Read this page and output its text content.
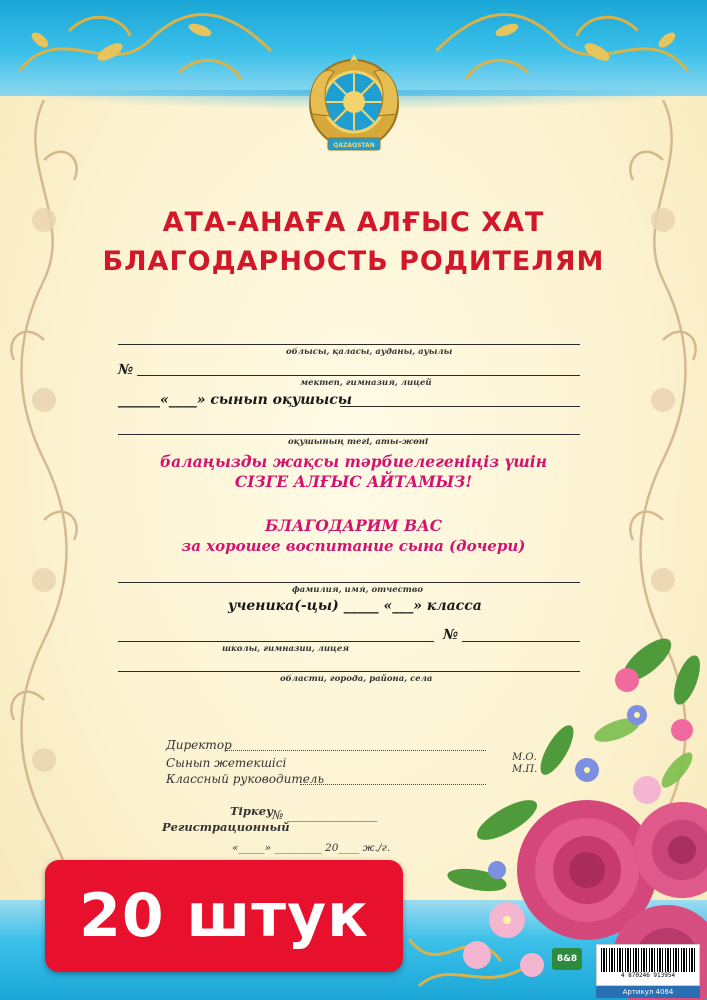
QAZAQSTAN
АТА-АНАҒА АЛҒЫС ХАТ
БЛАГОДАРНОСТЬ РОДИТЕЛЯМ
облысы, қаласы, ауданы, ауылы
№
мектеп, гимназия, лицей
______«____» сынып оқушысы
оқушының тегі, аты-жөні

балаңызды жақсы тәрбиелегеніңіз үшін

СІЗГЕ АЛҒЫС АЙТАМЫЗ!

БЛАГОДАРИМ ВАС

за хорошее воспитание сына (дочери)

фамилия, имя, отчество
ученика(-цы) _____ «___» класса
№
школы, гимназии, лицея
области, города, района, села
Директор
Сынып жетекшісі
Классный руководитель
М.О.
М.П.
Тіркеу
Регистрационный
№ _______________
«_____» _________ 20____ ж./г.
20 штук
8&8
4 870246 913954
Артикул 4064
